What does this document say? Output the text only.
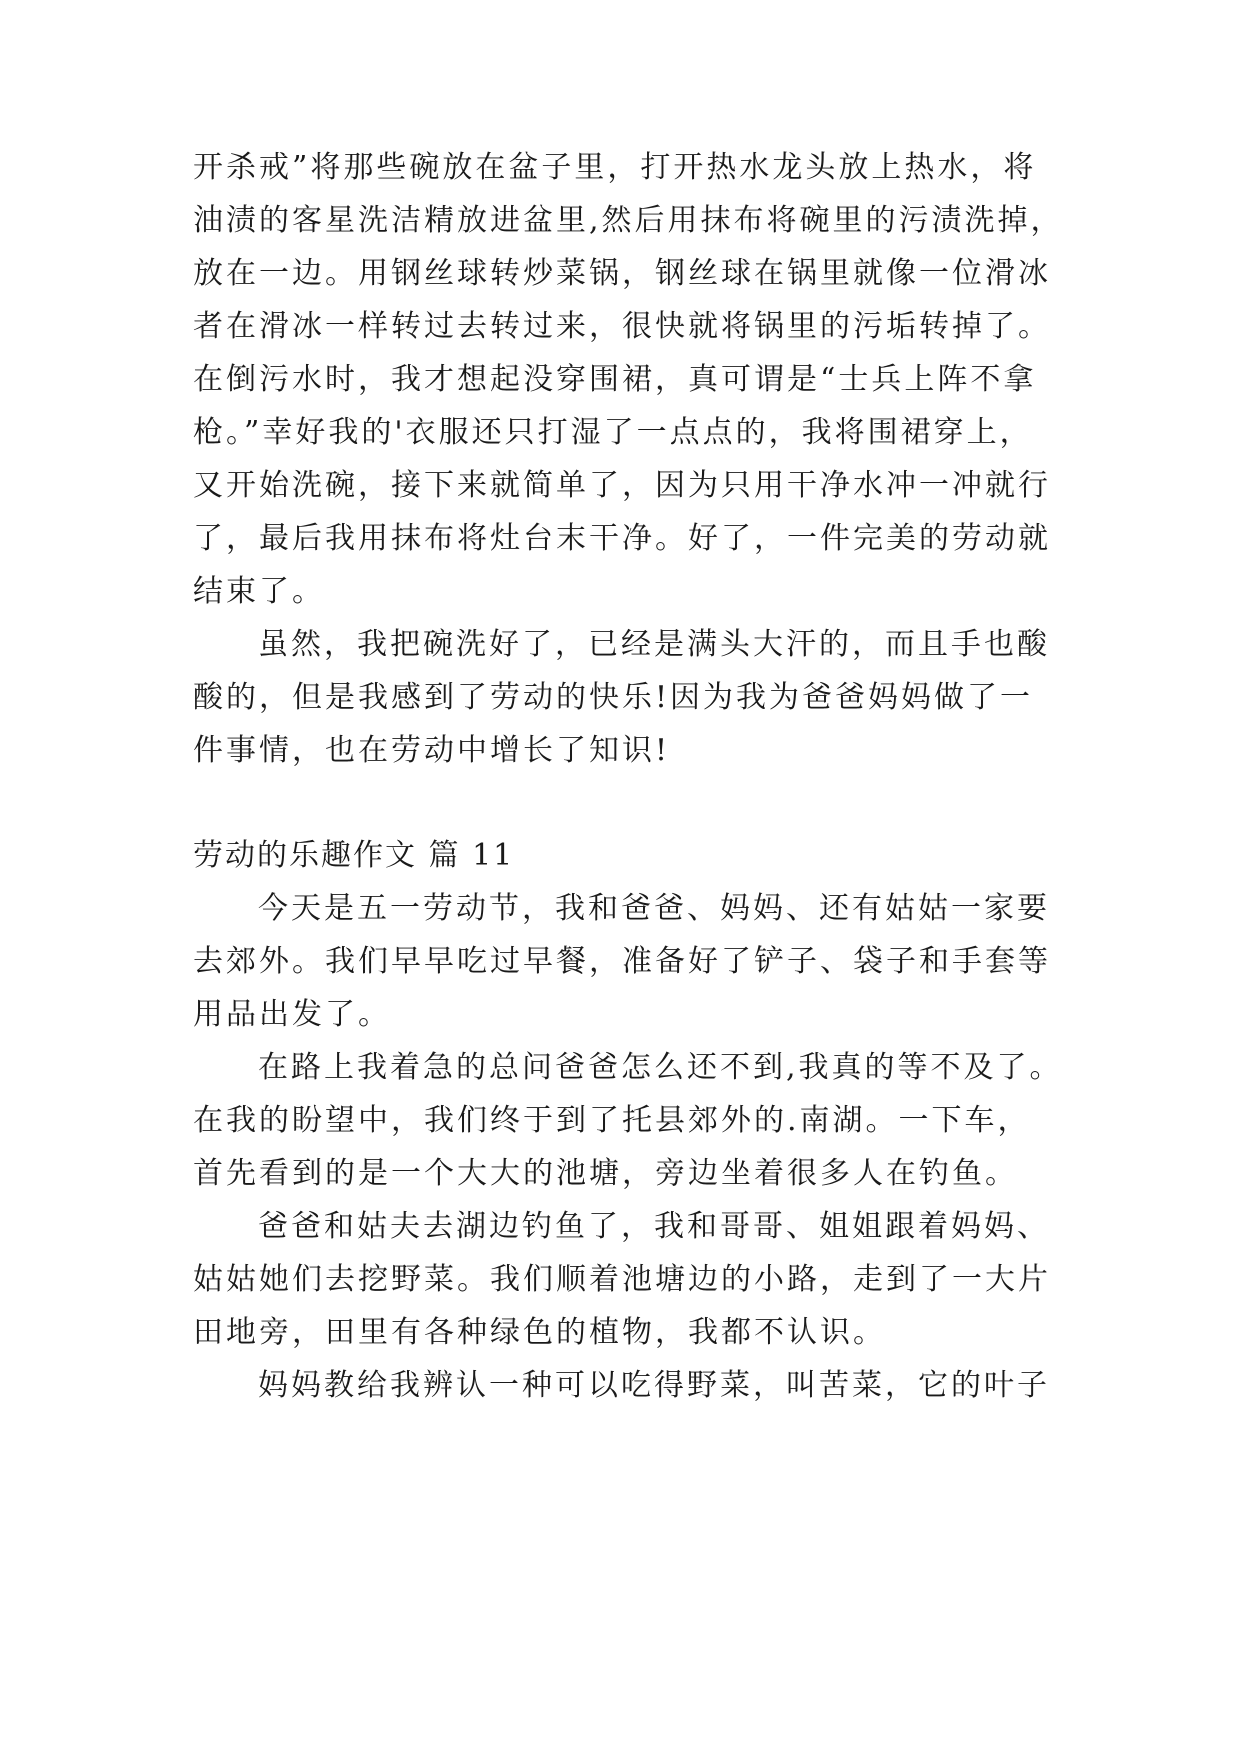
开杀戒”将那些碗放在盆子里，打开热水龙头放上热水，将
油渍的客星洗洁精放进盆里,然后用抹布将碗里的污渍洗掉，
放在一边。用钢丝球转炒菜锅，钢丝球在锅里就像一位滑冰
者在滑冰一样转过去转过来，很快就将锅里的污垢转掉了。
在倒污水时，我才想起没穿围裙，真可谓是“士兵上阵不拿
枪。”幸好我的'衣服还只打湿了一点点的，我将围裙穿上，
又开始洗碗，接下来就简单了，因为只用干净水冲一冲就行
了，最后我用抹布将灶台末干净。好了，一件完美的劳动就
结束了。
虽然，我把碗洗好了，已经是满头大汗的，而且手也酸
酸的，但是我感到了劳动的快乐!因为我为爸爸妈妈做了一
件事情，也在劳动中增长了知识!
劳动的乐趣作文 篇 11
今天是五一劳动节，我和爸爸、妈妈、还有姑姑一家要
去郊外。我们早早吃过早餐，准备好了铲子、袋子和手套等
用品出发了。
在路上我着急的总问爸爸怎么还不到,我真的等不及了。
在我的盼望中，我们终于到了托县郊外的.南湖。一下车，
首先看到的是一个大大的池塘，旁边坐着很多人在钓鱼。
爸爸和姑夫去湖边钓鱼了，我和哥哥、姐姐跟着妈妈、
姑姑她们去挖野菜。我们顺着池塘边的小路，走到了一大片
田地旁，田里有各种绿色的植物，我都不认识。
妈妈教给我辨认一种可以吃得野菜，叫苦菜，它的叶子
